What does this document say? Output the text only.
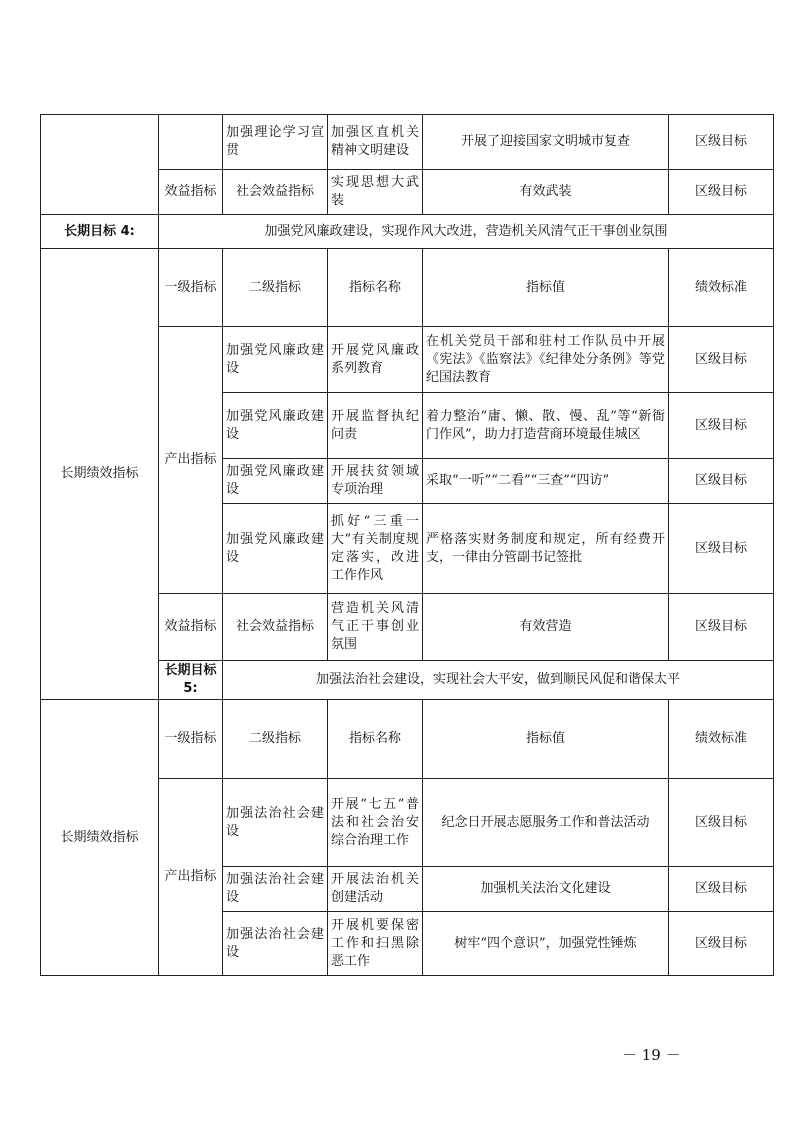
		加强理论学习宣贯	加强区直机关精神文明建设	开展了迎接国家文明城市复查	区级目标
	效益指标	社会效益指标	实现思想大武装	有效武装	区级目标
长期目标 4:	加强党风廉政建设，实现作风大改进，营造机关风清气正干事创业氛围				
长期绩效指标	一级指标	二级指标	指标名称	指标值	绩效标准
	产出指标	加强党风廉政建设	开展党风廉政系列教育	在机关党员干部和驻村工作队员中开展《宪法》《监察法》《纪律处分条例》等党纪国法教育	区级目标
		加强党风廉政建设	开展监督执纪问责	着力整治“庸、懒、散、慢、乱”等“新衙门作风”，助力打造营商环境最佳城区	区级目标
		加强党风廉政建设	开展扶贫领域专项治理	采取“一听”“二看”“三查”“四访”	区级目标
		加强党风廉政建设	抓好“三重一大”有关制度规定落实，改进工作作风	严格落实财务制度和规定，所有经费开支，一律由分管副书记签批	区级目标
	效益指标	社会效益指标	营造机关风清气正干事创业氛围	有效营造	区级目标
	长期目标 5:	加强法治社会建设，实现社会大平安，做到顺民风促和谐保太平			
长期绩效指标	一级指标	二级指标	指标名称	指标值	绩效标准
	产出指标	加强法治社会建设	开展“七五”普法和社会治安综合治理工作	纪念日开展志愿服务工作和普法活动	区级目标
		加强法治社会建设	开展法治机关创建活动	加强机关法治文化建设	区级目标
		加强法治社会建设	开展机要保密工作和扫黑除恶工作	树牢“四个意识”，加强党性锤炼	区级目标
－ 19 －
